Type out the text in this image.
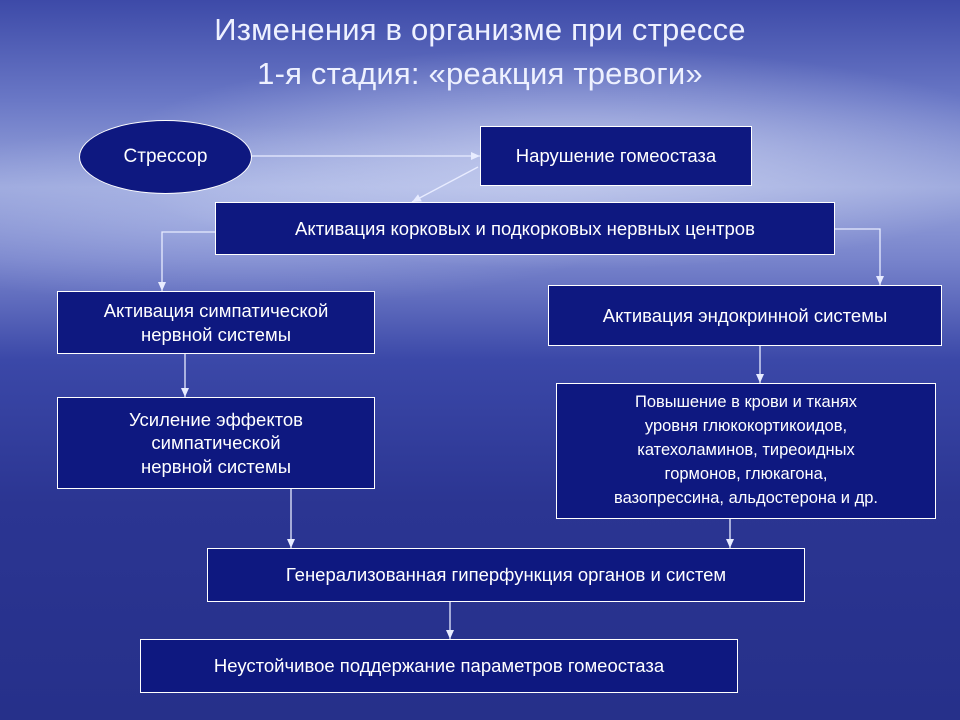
Изменения в организме при стрессе
1-я стадия: «реакция тревоги»
Стрессор	Нарушение гомеостаза
Активация корковых и подкорковых нервных центров
Активация симпатической
нервной системы
Активация эндокринной системы
Усиление эффектов
симпатической
нервной системы
Повышение в крови и тканях
уровня глюкокортикоидов,
катехоламинов, тиреоидных
гормонов, глюкагона,
вазопрессина, альдостерона и др.
Генерализованная гиперфункция органов и систем
Неустойчивое поддержание параметров гомеостаза
